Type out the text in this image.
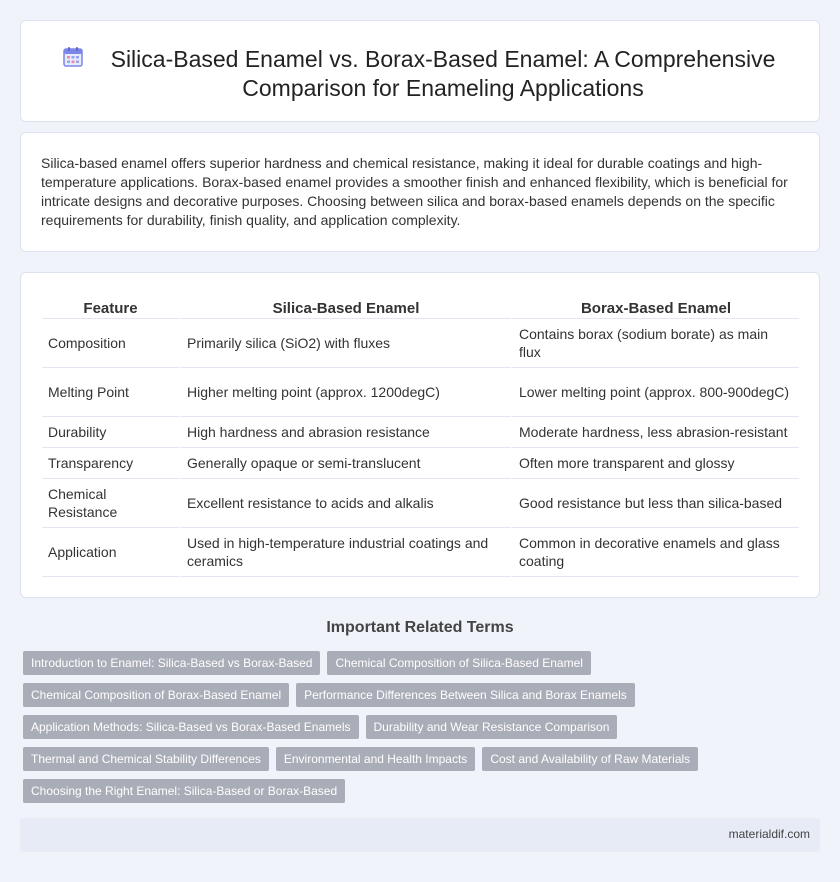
Silica-Based Enamel vs. Borax-Based Enamel: A Comprehensive Comparison for Enameling Applications

Silica-based enamel offers superior hardness and chemical resistance, making it ideal for durable coatings and high-temperature applications. Borax-based enamel provides a smoother finish and enhanced flexibility, which is beneficial for intricate designs and decorative purposes. Choosing between silica and borax-based enamels depends on the specific requirements for durability, finish quality, and application complexity.

Feature	Silica-Based Enamel	Borax-Based Enamel
Composition	Primarily silica (SiO2) with fluxes	Contains borax (sodium borate) as main flux
Melting Point	Higher melting point (approx. 1200degC)	Lower melting point (approx. 800-900degC)
Durability	High hardness and abrasion resistance	Moderate hardness, less abrasion-resistant
Transparency	Generally opaque or semi-translucent	Often more transparent and glossy
Chemical Resistance	Excellent resistance to acids and alkalis	Good resistance but less than silica-based
Application	Used in high-temperature industrial coatings and ceramics	Common in decorative enamels and glass coating
Important Related Terms
Introduction to Enamel: Silica-Based vs Borax-Based	Chemical Composition of Silica-Based Enamel
Chemical Composition of Borax-Based Enamel	Performance Differences Between Silica and Borax Enamels
Application Methods: Silica-Based vs Borax-Based Enamels	Durability and Wear Resistance Comparison
Thermal and Chemical Stability Differences	Environmental and Health Impacts	Cost and Availability of Raw Materials
Choosing the Right Enamel: Silica-Based or Borax-Based
materialdif.com
